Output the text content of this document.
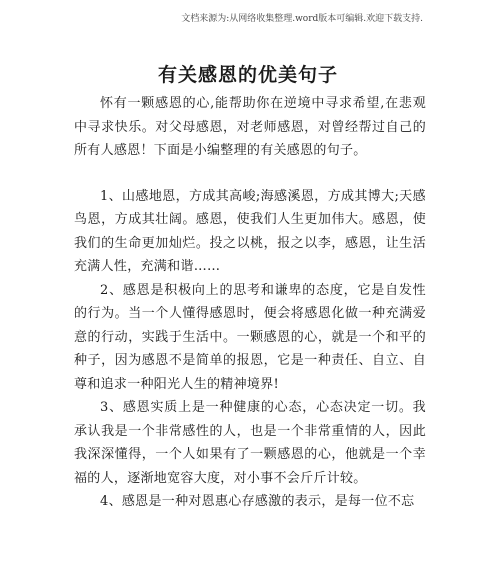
文档来源为:从网络收集整理.word版本可编辑.欢迎下载支持.
有关感恩的优美句子

怀有一颗感恩的心,能帮助你在逆境中寻求希望,在悲观中寻求快乐。对父母感恩，对老师感恩，对曾经帮过自己的所有人感恩！下面是小编整理的有关感恩的句子。

1、山感地恩，方成其高峻;海感溪恩，方成其博大;天感鸟恩，方成其壮阔。感恩，使我们人生更加伟大。感恩，使我们的生命更加灿烂。投之以桃，报之以李，感恩，让生活充满人性，充满和谐……

2、感恩是积极向上的思考和谦卑的态度，它是自发性的行为。当一个人懂得感恩时，便会将感恩化做一种充满爱意的行动，实践于生活中。一颗感恩的心，就是一个和平的种子，因为感恩不是简单的报恩，它是一种责任、自立、自尊和追求一种阳光人生的精神境界!

3、感恩实质上是一种健康的心态，心态决定一切。我承认我是一个非常感性的人，也是一个非常重情的人，因此我深深懂得，一个人如果有了一颗感恩的心，他就是一个幸福的人，逐渐地宽容大度，对小事不会斤斤计较。

4、感恩是一种对恩惠心存感激的表示，是每一位不忘
